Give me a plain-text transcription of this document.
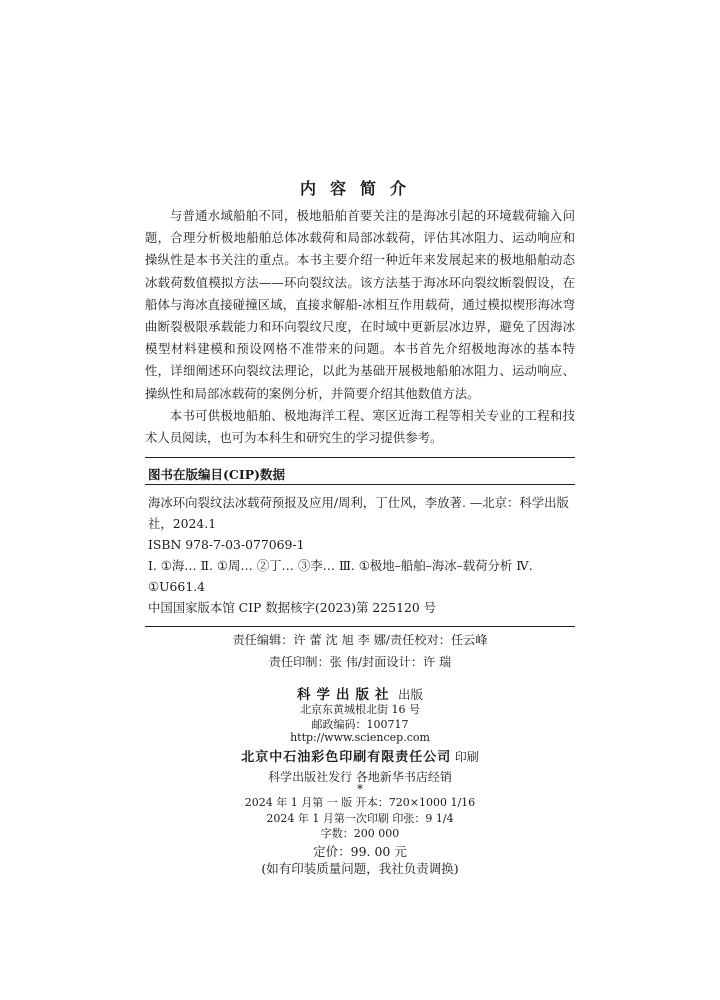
内容简介

与普通水域船舶不同，极地船舶首要关注的是海冰引起的环境载荷输入问题，合理分析极地船舶总体冰载荷和局部冰载荷，评估其冰阻力、运动响应和操纵性是本书关注的重点。本书主要介绍一种近年来发展起来的极地船舶动态冰载荷数值模拟方法——环向裂纹法。该方法基于海冰环向裂纹断裂假设，在船体与海冰直接碰撞区域，直接求解船-冰相互作用载荷，通过模拟楔形海冰弯曲断裂极限承载能力和环向裂纹尺度，在时域中更新层冰边界，避免了因海冰模型材料建模和预设网格不准带来的问题。本书首先介绍极地海冰的基本特性，详细阐述环向裂纹法理论，以此为基础开展极地船舶冰阻力、运动响应、操纵性和局部冰载荷的案例分析，并简要介绍其他数值方法。

本书可供极地船舶、极地海洋工程、寒区近海工程等相关专业的工程和技术人员阅读，也可为本科生和研究生的学习提供参考。

图书在版编目(CIP)数据
海冰环向裂纹法冰载荷预报及应用/周利，丁仕风，李放著. —北京：科学出版社，2024.1
ISBN 978-7-03-077069-1
Ⅰ. ①海… Ⅱ. ①周… ②丁… ③李… Ⅲ. ①极地–船舶–海冰–载荷分析 Ⅳ. ①U661.4
中国国家版本馆 CIP 数据核字(2023)第 225120 号
责任编辑：许 蕾 沈 旭 李 娜/责任校对：任云峰
责任印制：张 伟/封面设计：许 瑞
科学出版社 出版
北京东黄城根北街 16 号
邮政编码：100717
http://www.sciencep.com
北京中石油彩色印刷有限责任公司 印刷
科学出版社发行 各地新华书店经销
*
2024 年 1 月第 一 版 开本：720×1000 1/16
2024 年 1 月第一次印刷 印张：9 1/4
字数：200 000
定价：99. 00 元
(如有印装质量问题，我社负责调换)
